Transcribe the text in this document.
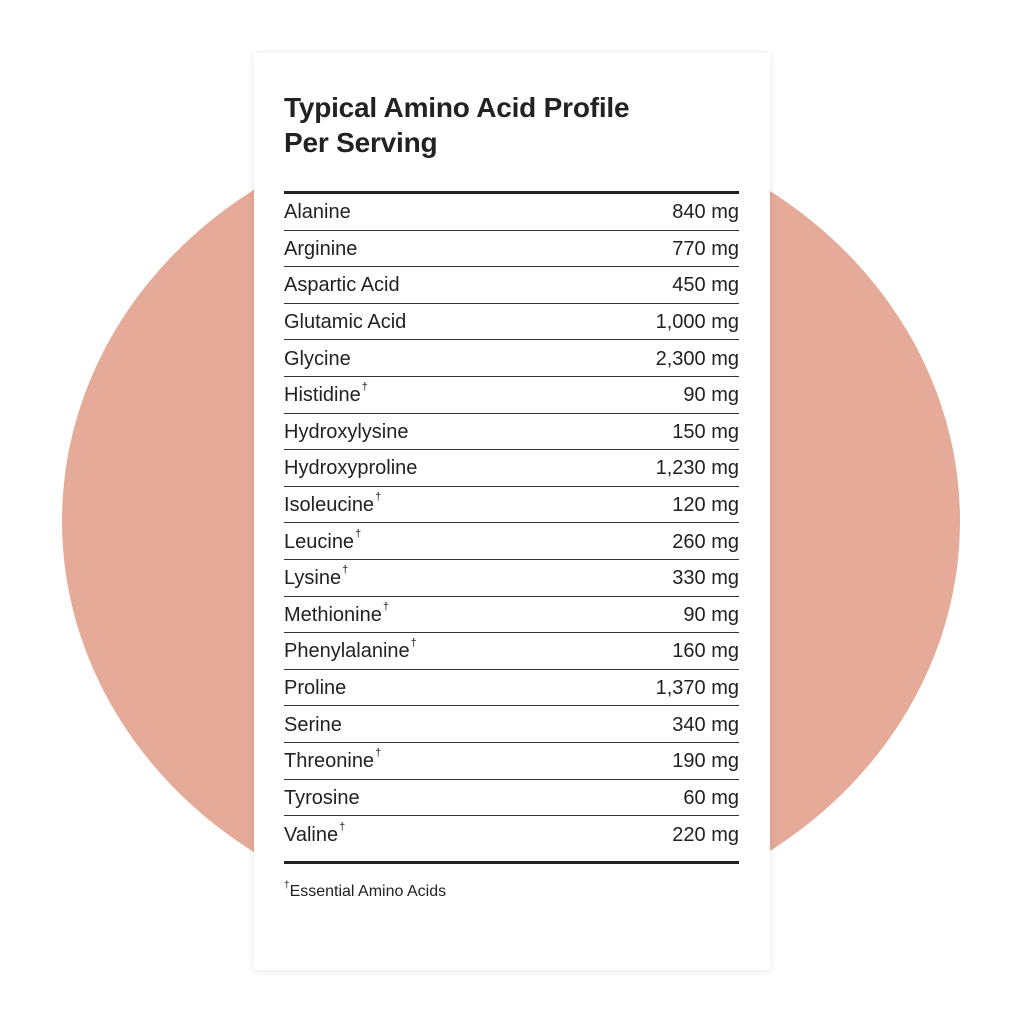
Typical Amino Acid Profile
Per Serving
Alanine	840 mg
Arginine	770 mg
Aspartic Acid	450 mg
Glutamic Acid	1,000 mg
Glycine	2,300 mg
Histidine†	90 mg
Hydroxylysine	150 mg
Hydroxyproline	1,230 mg
Isoleucine†	120 mg
Leucine†	260 mg
Lysine†	330 mg
Methionine†	90 mg
Phenylalanine†	160 mg
Proline	1,370 mg
Serine	340 mg
Threonine†	190 mg
Tyrosine	60 mg
Valine†	220 mg
†Essential Amino Acids
